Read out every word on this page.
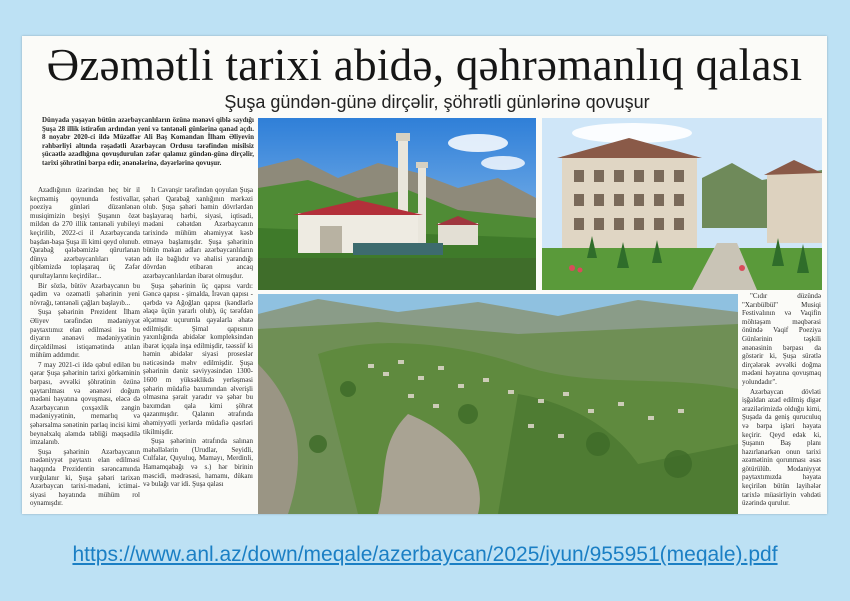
Əzəmətli tarixi abidə, qəhrəmanlıq qalası
Şuşa gündən-günə dirçəlir, şöhrətli günlərinə qovuşur

Dünyada yaşayan bütün azərbaycanlıların özünə mənəvi qiblə saydığı Şuşa 28 illik istiraбın ardından yeni və təntənəli günlərinə qanad açdı. 8 noyabr 2020-ci ildə Müzəffər Ali Baş Komandan İlham Əliyevin rəhbərliyi altında rəşadətli Azərbaycan Ordusu tərəfindən misilsiz şücaətlə azadlığına qovuşdurulan zəfər qalamız gündən-günə dirçəlir, tarixi şöhrətini bərpa edir, ənənələrinə, dəyərlərinə qovuşur.

Azadlığının üzərindən heç bir il keçməmiş qoynunda festivallar, poeziya günləri düzənlənən musiqimizin beşiyi Şuşanın özət mildən də 270 illik təntənəli yubileyi keçirilib, 2022-ci il Azərbaycanda başdan-başa Şuşa ili kimi qeyd olunub. Qarabağ qələbəmizlə qürurlanan dünya azərbaycanlıları vətən qibləmizdə toplaşaraq üç Zəfər qurultaylarını keçirdilər...

Bir sözlə, bütöv Azərbaycanın bu qədim və ozəmətli şəhərinin yeni növrağı, təntənəli çağları başlayıb...

Şuşa şəhərinin Prezident İlham Əliyev tərəfindən mədəniyyət paytaxtımız elan edilməsi isə bu diyarın ənənəvi mədəniyyətinin dirçəldilməsi istiqamətində atılan mühüm addımdır.

7 may 2021-ci ildə qəbul edilən bu qərar Şuşa şəhərinin tarixi görkəminin bərpası, əvvəlki şöhrətinin özünə qaytarılması və ənənəvi doğum mədəni həyatına qovuşması, eləcə də Azərbaycanın çoxşəxlik zəngin mədəniyyətinin, memarlıq və şəhərsalma sənətinin parlaq incisi kimi beynəlxalq aləmdə təbliği məqsədilə imzalanıb.

Şuşa şəhərinin Azərbaycanın mədəniyyət paytaxtı elan edilməsi haqqında Prezidentin sərəncamında vurğulanır ki, Şuşa şəhəri tarixən Azərbaycan tarixi-mədəni, ictimai-siyasi həyatında mühüm rol oynamışdır.

Iı Cavanşir tərəfindən qoyulan Şuşa şəhəri Qarabağ xanlığının mərkəzi olub. Şuşa şəhəri həmin dövrlərdən başlayaraq hərbi, siyasi, iqtisadi, mədəni cəhətdən Azərbaycanın tarixində mühüm əhəmiyyət kəsb etməyə başlamışdır. Şuşa şəhərinin bütün məkan adları azərbaycanlıların adı ilə bağlıdır və əhalisi yarandığı dövrdən etibarən ancaq azərbaycanlılardan ibarət olmuşdur.

Şuşa şəhərinin üç qapısı vardı: Gəncə qapısı - şimalda, İrəvan qapısı - qərbdə və Ağoğlan qapısı (kəndlərlə əlaqə üçün yararlı olub), üç tərəfdən əlçatmaz uçurumla qayalarla əhatə edilmişdir. Şimal qapısının yaxınlığında abidələr kompleksindən ibarət içqala inşa edilmişdir, təəssüf ki həmin abidələr siyasi proseslər nəticəsində məhv edilmişdir. Şuşa şəhərinin dəniz səviyyəsindən 1300-1600 m yüksəklikdə yerləşməsi şəhərin müdafiə baxımından əlverişli olmasına şərait yaradır və şəhər bu baxımdan qala kimi şöhrət qazanmışdır. Qalanın ətrafında əhəmiyyətli yerlərdə müdafiə qəsrləri tikilmişdir.

Şuşa şəhərinin ətrafında salınan məhəllələrin (Urudlar, Seyidli, Culfalar, Quyuluq, Mamayı, Merdinli, Hamamqabağı və s.) hər birinin məscidi, mədrəsəsi, hamamı, dükanı və bulağı var idi. Şuşa qalası

"Cıdır düzündə "Xarıbülbül" Musiqi Festivalının və Vaqifin möhtəşəm məqbərəsi önündə Vaqif Poeziya Günlərinin təşkili ənənəsinin bərpası da göstərir ki, Şuşa sürətlə dirçələrək əvvəlki doğma mədəni həyatına qovuşmaq yolundadır".

Azərbaycan dövləti işğaldan azad edilmiş digər ərazilərimizdə olduğu kimi, Şuşada da geniş quruculuq və bərpa işləri həyata keçirir. Qeyd edək ki, Şuşanın Baş planı hazırlanarkən onun tarixi əzəmətinin qorunması əsas götürülüb. Modaniyyət paytaxtımızda həyata keçirilən bütün layihələr tarixlə müasirliyin vəhdəti üzərində qurulur.

https://www.anl.az/down/meqale/azerbaycan/2025/iyun/955951(meqale).pdf
